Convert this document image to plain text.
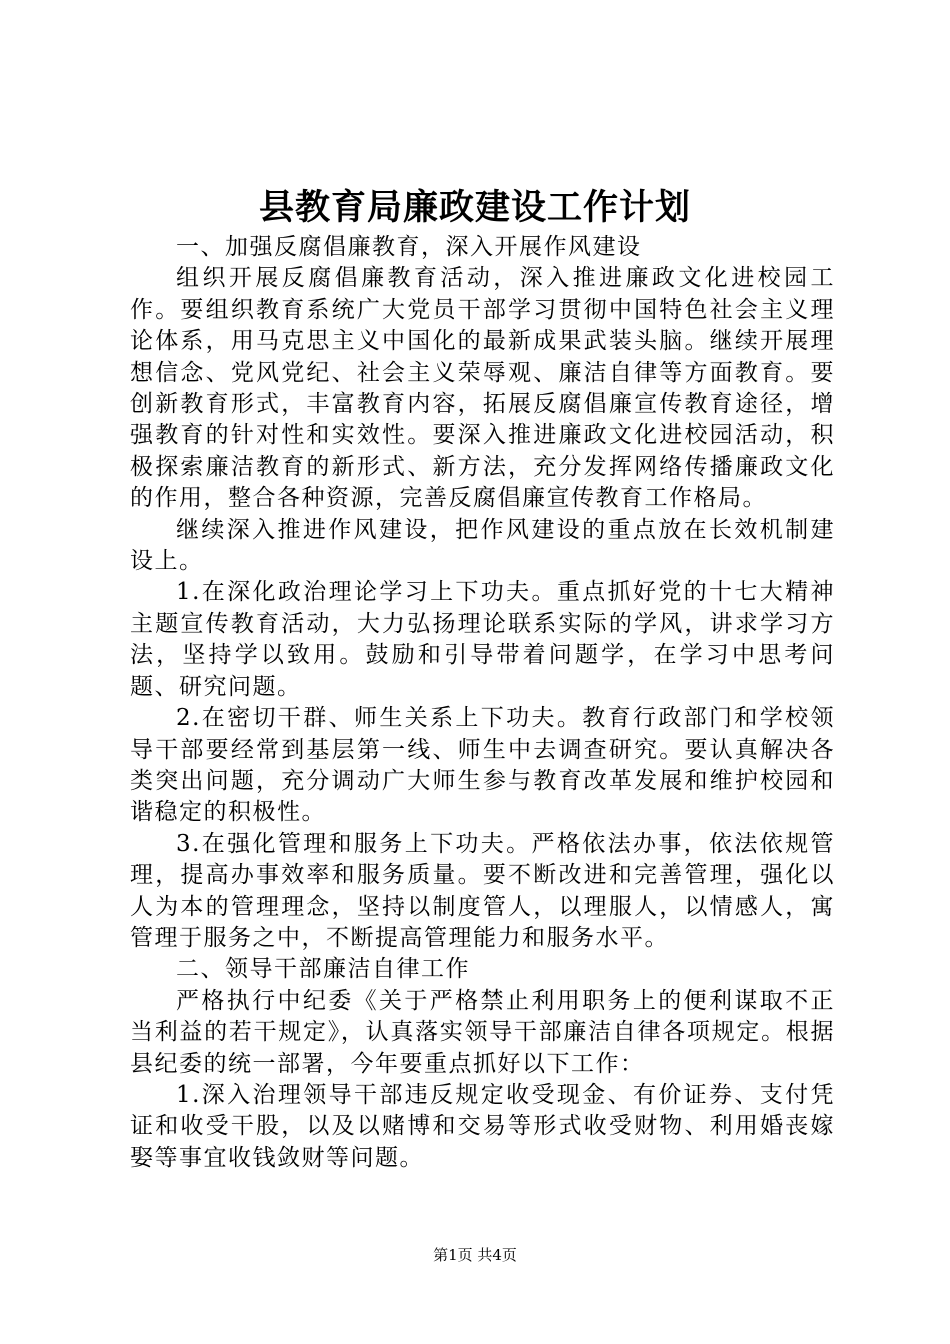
县教育局廉政建设工作计划

一、加强反腐倡廉教育，深入开展作风建设

组织开展反腐倡廉教育活动，深入推进廉政文化进校园工作。要组织教育系统广大党员干部学习贯彻中国特色社会主义理论体系，用马克思主义中国化的最新成果武装头脑。继续开展理想信念、党风党纪、社会主义荣辱观、廉洁自律等方面教育。要创新教育形式，丰富教育内容，拓展反腐倡廉宣传教育途径，增强教育的针对性和实效性。要深入推进廉政文化进校园活动，积极探索廉洁教育的新形式、新方法，充分发挥网络传播廉政文化的作用，整合各种资源，完善反腐倡廉宣传教育工作格局。

继续深入推进作风建设，把作风建设的重点放在长效机制建设上。

1.在深化政治理论学习上下功夫。重点抓好党的十七大精神主题宣传教育活动，大力弘扬理论联系实际的学风，讲求学习方法，坚持学以致用。鼓励和引导带着问题学，在学习中思考问题、研究问题。

2.在密切干群、师生关系上下功夫。教育行政部门和学校领导干部要经常到基层第一线、师生中去调查研究。要认真解决各类突出问题，充分调动广大师生参与教育改革发展和维护校园和谐稳定的积极性。

3.在强化管理和服务上下功夫。严格依法办事，依法依规管理，提高办事效率和服务质量。要不断改进和完善管理，强化以人为本的管理理念，坚持以制度管人，以理服人，以情感人，寓管理于服务之中，不断提高管理能力和服务水平。

二、领导干部廉洁自律工作

严格执行中纪委《关于严格禁止利用职务上的便利谋取不正当利益的若干规定》，认真落实领导干部廉洁自律各项规定。根据县纪委的统一部署，今年要重点抓好以下工作：

1.深入治理领导干部违反规定收受现金、有价证券、支付凭证和收受干股，以及以赌博和交易等形式收受财物、利用婚丧嫁娶等事宜收钱敛财等问题。

第1页 共4页
